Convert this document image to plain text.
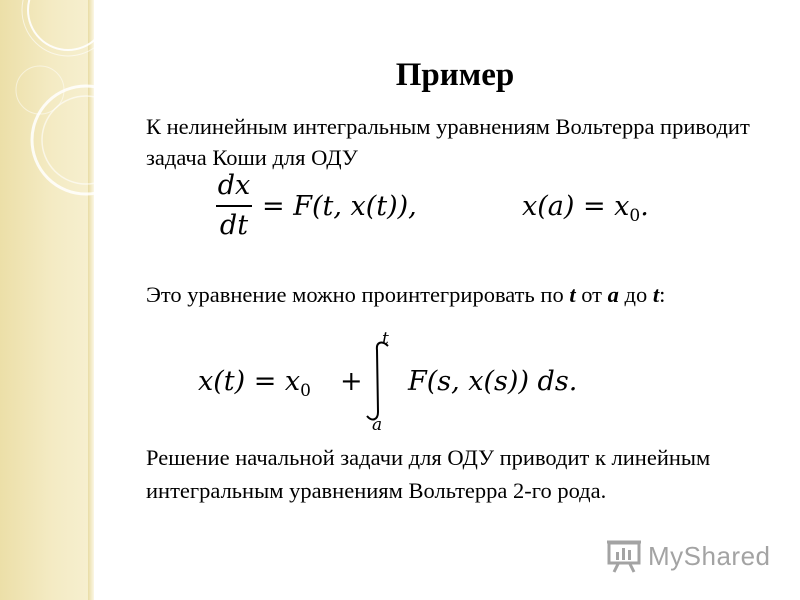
Пример
К нелинейным интегральным уравнениям Вольтерра приводит задача Коши для ОДУ
dx
dt
= F(t, x(t)),	$x(a) = x_0$.
Это уравнение можно проинтегрировать по t от a до t:
$x(t) = x_0$ +
t
a
F(s, x(s)) ds.
Решение начальной задачи для ОДУ приводит к линейным интегральным уравнениям Вольтерра 2-го рода.
MyShared
